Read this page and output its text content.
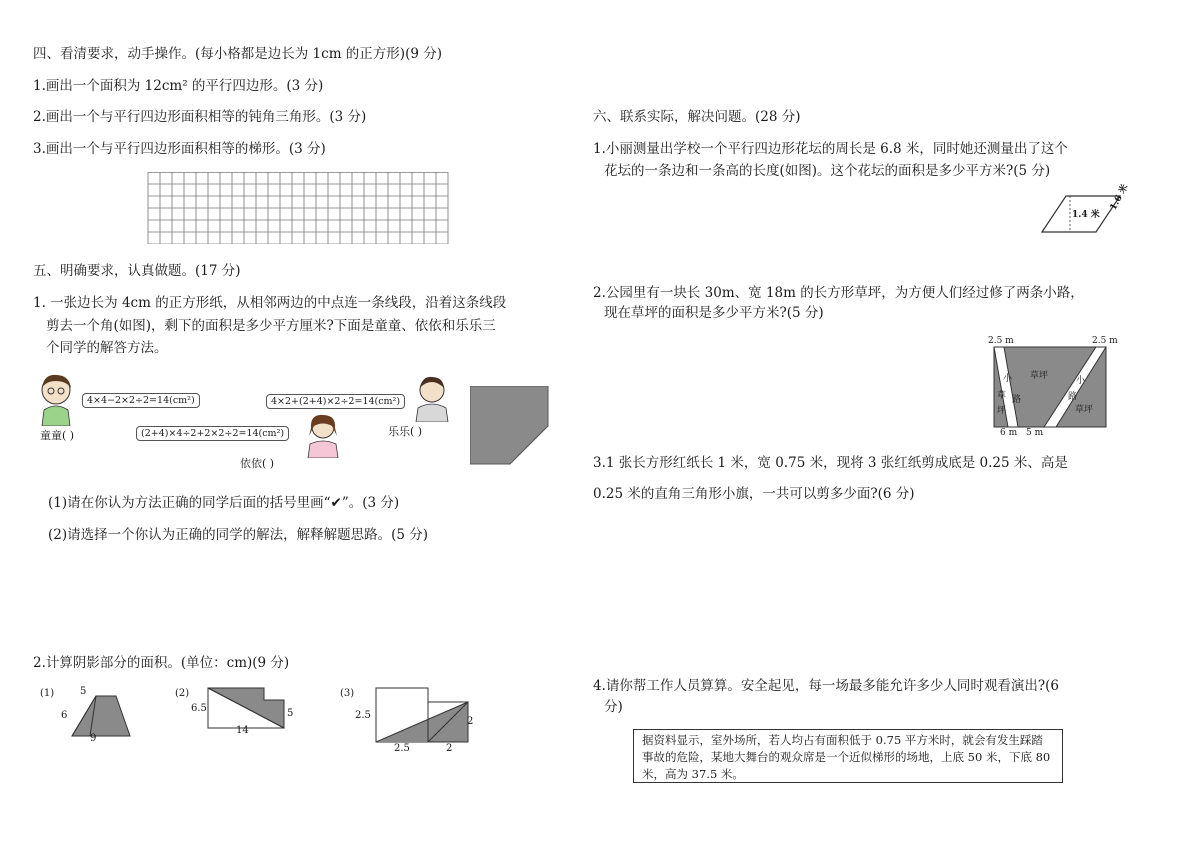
四、看清要求，动手操作。(每小格都是边长为 1cm 的正方形)(9 分)
1.画出一个面积为 12cm² 的平行四边形。(3 分)
2.画出一个与平行四边形面积相等的钝角三角形。(3 分)
3.画出一个与平行四边形面积相等的梯形。(3 分)
五、明确要求，认真做题。(17 分)
1. 一张边长为 4cm 的正方形纸，从相邻两边的中点连一条线段，沿着这条线段
剪去一个角(如图)，剩下的面积是多少平方厘米?下面是童童、依依和乐乐三
个同学的解答方法。
4×4−2×2÷2=14(cm²)
童童( )
4×2+(2+4)×2÷2=14(cm²)
乐乐( )
(2+4)×4÷2+2×2÷2=14(cm²)
依依( )
(1)请在你认为方法正确的同学后面的括号里画“✔”。(3 分)
(2)请选择一个你认为正确的同学的解法，解释解题思路。(5 分)
2.计算阴影部分的面积。(单位：cm)(9 分)
(1)	5
6
9
(2)
6.5	5
14
(3)
2.5
2
2.5	2
六、联系实际，解决问题。(28 分)
1.小丽测量出学校一个平行四边形花坛的周长是 6.8 米，同时她还测量出了这个
花坛的一条边和一条高的长度(如图)。这个花坛的面积是多少平方米?(5 分)
1.4 米
1.6 米
2.公园里有一块长 30m、宽 18m 的长方形草坪，为方便人们经过修了两条小路，
现在草坪的面积是多少平方米?(5 分)
2.5 m	2.5 m
6 m 5 m
草坪
草坪
小
路
草
坪
小
路
3.1 张长方形红纸长 1 米，宽 0.75 米，现将 3 张红纸剪成底是 0.25 米、高是
0.25 米的直角三角形小旗，一共可以剪多少面?(6 分)
4.请你帮工作人员算算。安全起见，每一场最多能允许多少人同时观看演出?(6
分)
据资料显示，室外场所，若人均占有面积低于 0.75 平方米时，就会有发生踩踏事故的危险，某地大舞台的观众席是一个近似梯形的场地，上底 50 米，下底 80 米，高为 37.5 米。
